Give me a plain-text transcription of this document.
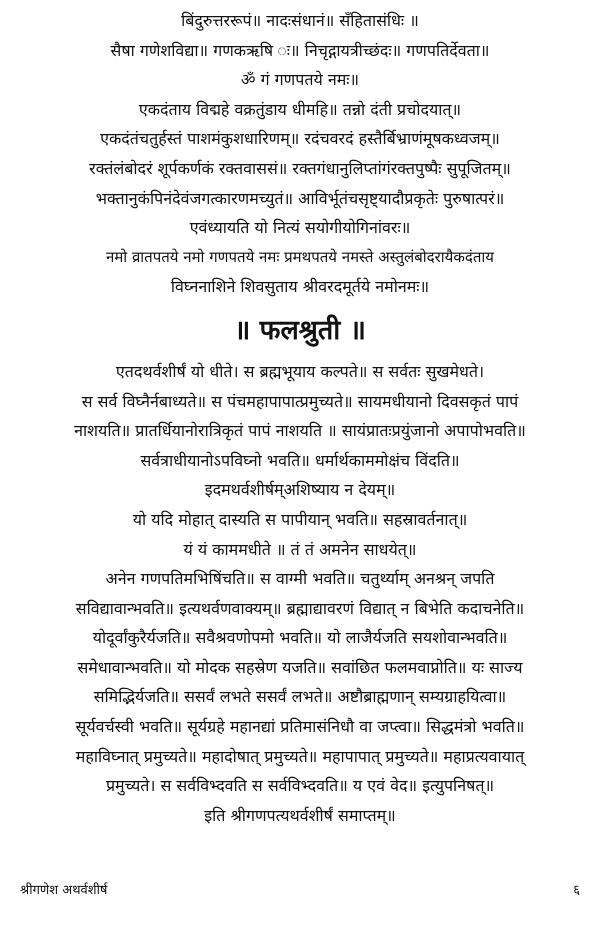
बिंदुरुत्तररूपं॥ नादःसंधानं॥ सँहितासंधिः ॥
सैषा गणेशविद्या॥ गणकऋषि ः॥ निचृद्गायत्रीच्छंदः॥ गणपतिर्देवता॥
ॐ गं गणपतये नमः॥
एकदंताय विद्महे वक्रतुंडाय धीमहि॥ तन्नो दंती प्रचोदयात्॥
एकदंतंचतुर्हस्तं पाशमंकुशधारिणम्॥ रदंचवरदं हस्तैर्बिभ्राणंमूषकध्वजम्॥
रक्तंलंबोदरं शूर्पकर्णकं रक्तवाससं॥ रक्तगंधानुलिप्तांगंरक्तपुष्पैः सुपूजितम्॥
भक्तानुकंपिनंदेवंजगत्कारणमच्युतं॥ आविर्भूतंचसृष्ट्यादौप्रकृतेः पुरुषात्परं॥
एवंध्यायति यो नित्यं सयोगीयोगिनांवरः॥
नमो व्रातपतये नमो गणपतये नमः प्रमथपतये नमस्ते अस्तुलंबोदरायैकदंताय
विघ्ननाशिने शिवसुताय श्रीवरदमूर्तये नमोनमः॥
॥ फलश्रुती ॥
एतदथर्वशीर्षं यो धीते। स ब्रह्मभूयाय कल्पते॥ स सर्वतः सुखमेधते।
स सर्व विघ्नैर्नबाध्यते॥ स पंचमहापापात्प्रमुच्यते॥ सायमधीयानो दिवसकृतं पापं
नाशयति॥ प्रातर्धियानोरात्रिकृतं पापं नाशयति ॥ सायंप्रातःप्रयुंजानो अपापोभवति॥
सर्वत्राधीयानोऽपविघ्नो भवति॥ धर्मार्थकाममोक्षंच विंदति॥
इदमथर्वशीर्षम्अशिष्याय न देयम्॥
यो यदि मोहात् दास्यति स पापीयान् भवति॥ सहस्रावर्तनात्॥
यं यं काममधीते ॥ तं तं अमनेन साधयेत्॥
अनेन गणपतिमभिषिंचति॥ स वाग्मी भवति॥ चतुर्थ्याम् अनश्रन् जपति
सविद्यावान्भवति॥ इत्यथर्वणवाक्यम्॥ ब्रह्माद्यावरणं विद्यात् न बिभेति कदाचनेति॥
योदूर्वांकुरैर्यजति॥ सवैश्रवणोपमो भवति॥ यो लाजैर्यजति सयशोवान्भवति॥
समेधावान्भवति॥ यो मोदक सहस्रेण यजति॥ सवांछित फलमवाप्नोति॥ यः साज्य
समिद्भिर्यजति॥ ससर्वं लभते ससर्वं लभते॥ अष्टौब्राह्मणान् सम्यग्राहयित्वा॥
सूर्यवर्चस्वी भवति॥ सूर्यग्रहे महानद्यां प्रतिमासंनिधौ वा जप्त्वा॥ सिद्धमंत्रो भवति॥
महाविघ्नात् प्रमुच्यते॥ महादोषात् प्रमुच्यते॥ महापापात् प्रमुच्यते॥ महाप्रत्यवायात्
प्रमुच्यते। स सर्वविभ्दवति स सर्वविभ्दवति॥ य एवं वेद॥ इत्युपनिषत्॥
इति श्रीगणपत्यथर्वशीर्षं समाप्तम्॥
श्रीगणेश अथर्वशीर्ष	६
